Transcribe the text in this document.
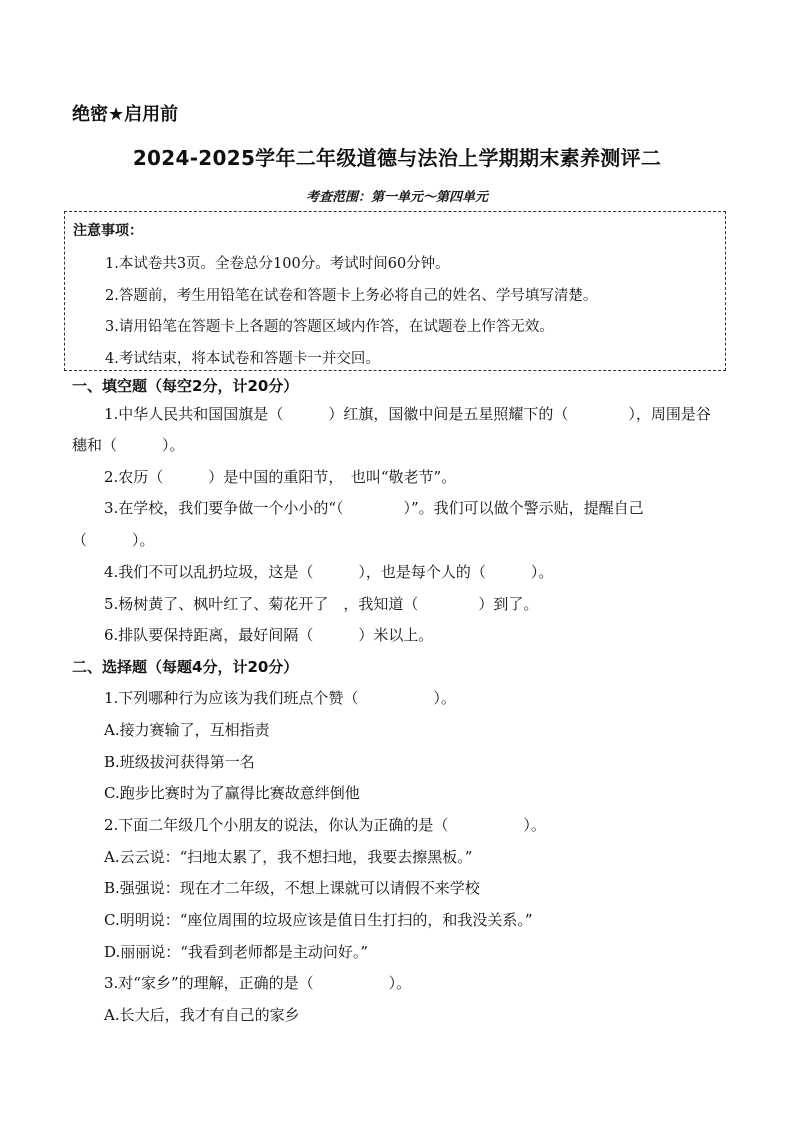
绝密★启用前
2024-2025学年二年级道德与法治上学期期末素养测评二
考查范围：第一单元～第四单元
注意事项：
1.本试卷共3页。全卷总分100分。考试时间60分钟。
2.答题前，考生用铅笔在试卷和答题卡上务必将自己的姓名、学号填写清楚。
3.请用铅笔在答题卡上各题的答题区域内作答，在试题卷上作答无效。
4.考试结束，将本试卷和答题卡一并交回。
一、填空题（每空2分，计20分）
1.中华人民共和国国旗是（　　　）红旗，国徽中间是五星照耀下的（　　　　），周围是谷
穗和（　　　）。
2.农历（　　　）是中国的重阳节，　也叫“敬老节”。
3.在学校，我们要争做一个小小的“（　　　　）”。我们可以做个警示贴，提醒自己
（　　　）。
4.我们不可以乱扔垃圾，这是（　　　），也是每个人的（　　　）。
5.杨树黄了、枫叶红了、菊花开了　，我知道（　　　　）到了。
6.排队要保持距离，最好间隔（　　　）米以上。
二、选择题（每题4分，计20分）
1.下列哪种行为应该为我们班点个赞（　　　　　）。
A.接力赛输了，互相指责
B.班级拔河获得第一名
C.跑步比赛时为了赢得比赛故意绊倒他
2.下面二年级几个小朋友的说法，你认为正确的是（　　　　　）。
A.云云说：“扫地太累了，我不想扫地，我要去擦黑板。”
B.强强说：现在才二年级，不想上课就可以请假不来学校
C.明明说：“座位周围的垃圾应该是值日生打扫的，和我没关系。”
D.丽丽说：“我看到老师都是主动问好。”
3.对“家乡”的理解，正确的是（　　　　　）。
A.长大后，我才有自己的家乡
